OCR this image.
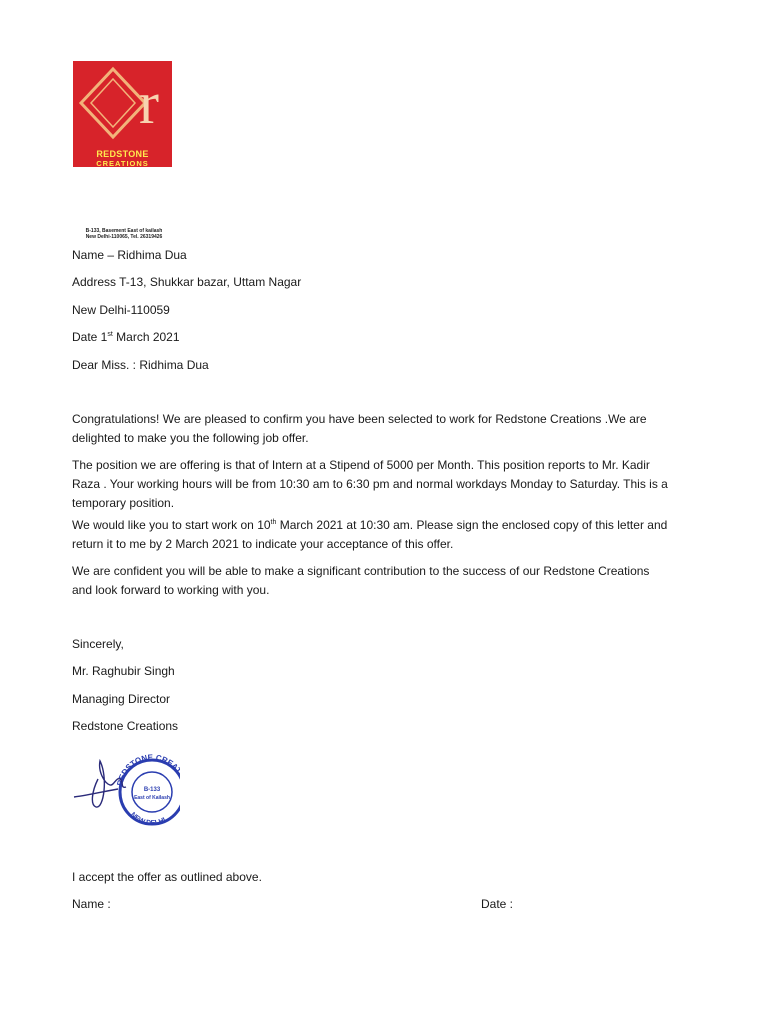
r
REDSTONE
CREATIONS
B-133, Basement East of kailash
New Delhi-110065, Tel. 26319426
Name – Ridhima Dua
Address T-13, Shukkar bazar, Uttam Nagar
New Delhi-110059
Date 1st March 2021
Dear Miss. : Ridhima Dua
Congratulations! We are pleased to confirm you have been selected to work for Redstone Creations .We are delighted to make you the following job offer.
The position we are offering is that of Intern at a Stipend of 5000 per Month. This position reports to Mr. Kadir Raza . Your working hours will be from 10:30 am to 6:30 pm and normal workdays Monday to Saturday. This is a temporary position.
We would like you to start work on 10th March 2021 at 10:30 am. Please sign the enclosed copy of this letter and return it to me by 2 March 2021 to indicate your acceptance of this offer.
We are confident you will be able to make a significant contribution to the success of our Redstone Creations and look forward to working with you.
Sincerely,
Mr. Raghubir Singh
Managing Director
Redstone Creations
REDSTONE CREA
NEW DELHI
B-133
East of Kailash
I accept the offer as outlined above.
Name :	Date :
